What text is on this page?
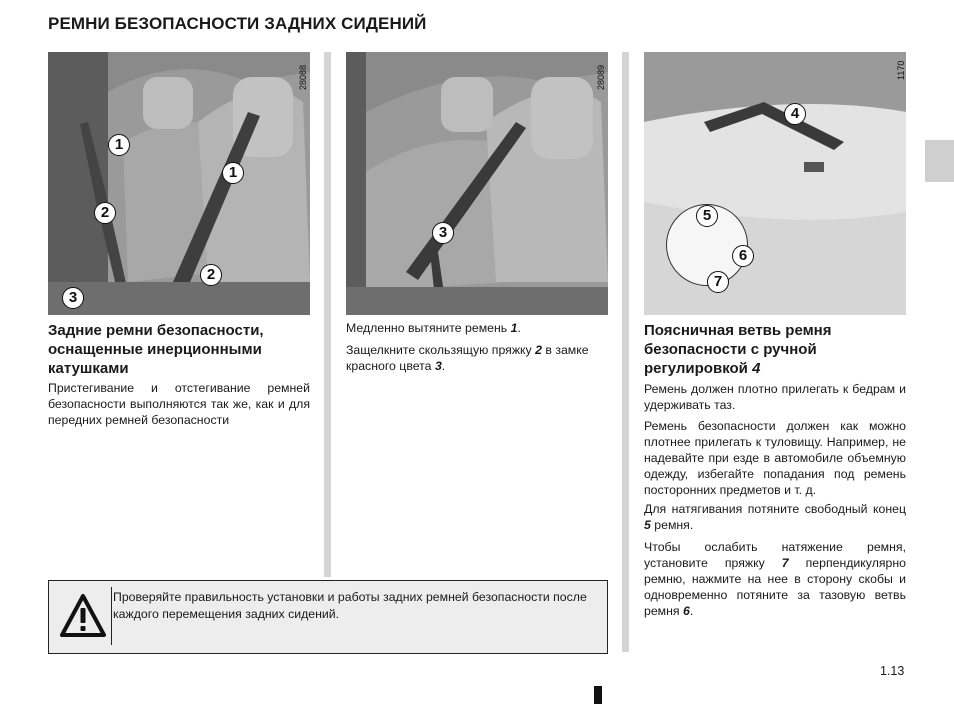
РЕМНИ БЕЗОПАСНОСТИ ЗАДНИХ СИДЕНИЙ
28088
1
1
2
2
3
28089
3
4
5
6
7
1170
Задние ремни безопасности, оснащенные инерционными катушками

Пристегивание и отстегивание ремней безопасности выполняются так же, как и для передних ремней безопасности

Медленно вытяните ремень 1.

Защелкните скользящую пряжку 2 в замке красного цвета 3.

Поясничная ветвь ремня безопасности с ручной регулировкой 4

Ремень должен плотно прилегать к бедрам и удерживать таз.

Ремень безопасности должен как можно плотнее прилегать к туловищу. Например, не надевайте при езде в автомобиле объемную одежду, избегайте попадания под ремень посторонних предметов и т. д.

Для натягивания потяните свободный конец 5 ремня.

Чтобы ослабить натяжение ремня, установите пряжку 7 перпендикулярно ремню, нажмите на нее в сторону скобы и одновременно потяните за тазовую ветвь ремня 6.

Проверяйте правильность установки и работы задних ремней безопасности после каждого перемещения задних сидений.
1.13
